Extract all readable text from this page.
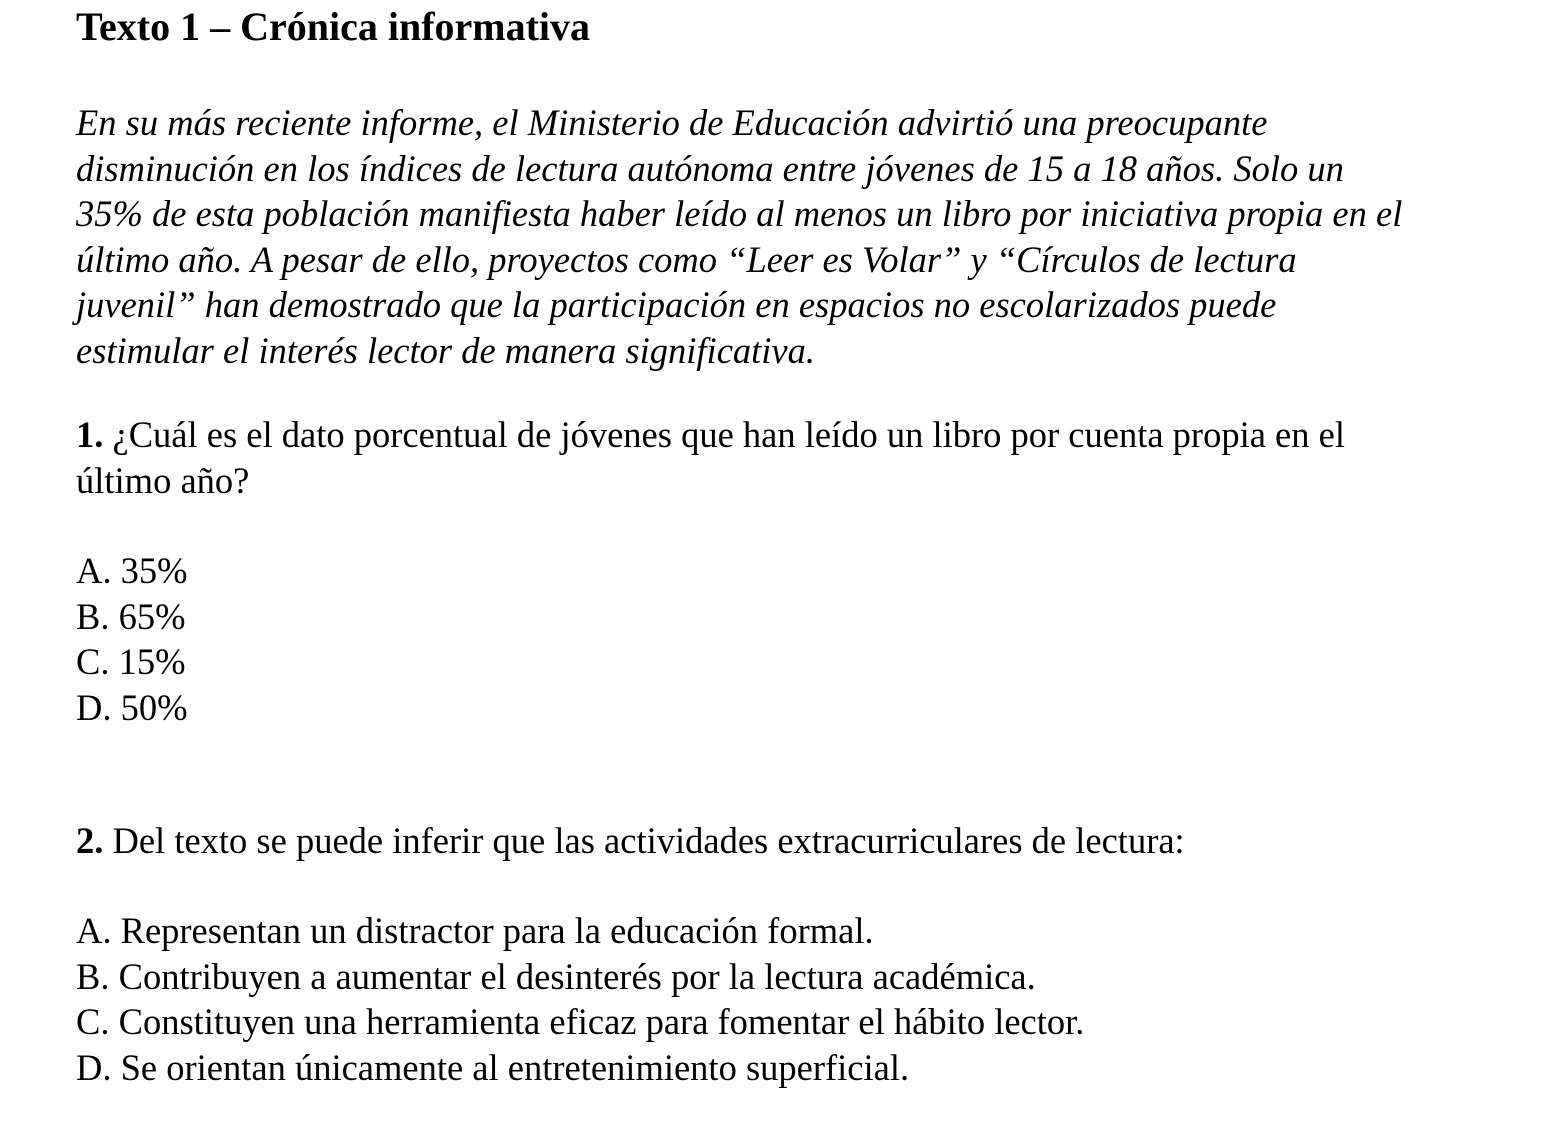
Texto 1 – Crónica informativa

En su más reciente informe, el Ministerio de Educación advirtió una preocupante
disminución en los índices de lectura autónoma entre jóvenes de 15 a 18 años. Solo un
35% de esta población manifiesta haber leído al menos un libro por iniciativa propia en el
último año. A pesar de ello, proyectos como “Leer es Volar” y “Círculos de lectura
juvenil” han demostrado que la participación en espacios no escolarizados puede
estimular el interés lector de manera significativa.

1. ¿Cuál es el dato porcentual de jóvenes que han leído un libro por cuenta propia en el
último año?

A. 35%
B. 65%
C. 15%
D. 50%

2. Del texto se puede inferir que las actividades extracurriculares de lectura:

A. Representan un distractor para la educación formal.
B. Contribuyen a aumentar el desinterés por la lectura académica.
C. Constituyen una herramienta eficaz para fomentar el hábito lector.
D. Se orientan únicamente al entretenimiento superficial.
